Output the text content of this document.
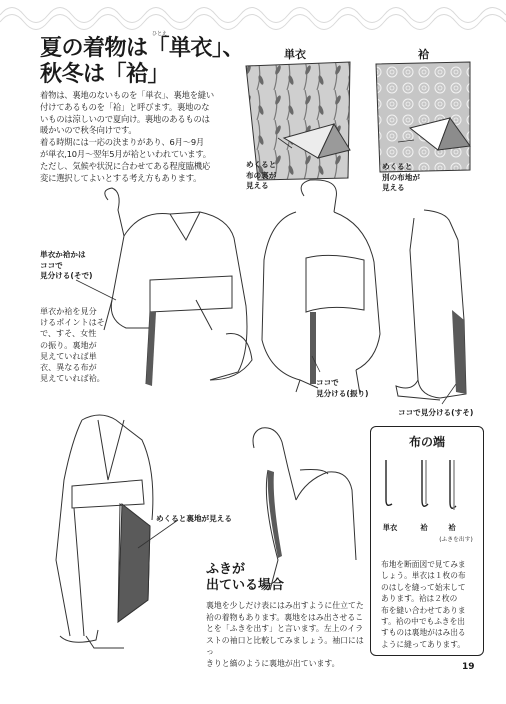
夏の着物は「単衣」、
秋冬は「袷」
ひとえ
着物は、裏地のないものを「単衣」、裏地を縫い
付けてあるものを「袷」と呼びます。裏地のな
いものは涼しいので夏向け。裏地のあるものは
暖かいので秋冬向けです。
着る時期には一応の決まりがあり、6月～9月
が単衣,10月～翌年5月が袷といわれています。
ただし、気候や状況に合わせてある程度臨機応
変に選択してよいとする考え方もあります。
単衣	袷
めくると
布の裏が
見える
めくると
別の布地が
見える
単衣か袷かは
ココで
見分ける(そで)
単衣か袷を見分
けるポイントはそ
で、すそ、女性
の振り。裏地が
見えていれば単
衣、異なる布が
見えていれば袷。	ココで
見分ける(振り)
ココで見分ける(すそ)
めくると裏地が見える
ふきが
出ている場合
裏地を少しだけ表にはみ出すように仕立てた
袷の着物もあります。裏地をはみ出させるこ
とを「ふきを出す」と言います。左上のイラ
ストの袖口と比較してみましょう。袖口にはっ
きりと縞のように裏地が出ています。
布の端
単衣	袷	袷
(ふきを出す)
布地を断面図で見てみま
しょう。単衣は１枚の布
のはしを縫って始末して
あります。袷は２枚の
布を縫い合わせてありま
す。袷の中でもふきを出
すものは裏地がはみ出る
ように縫ってあります。
19
